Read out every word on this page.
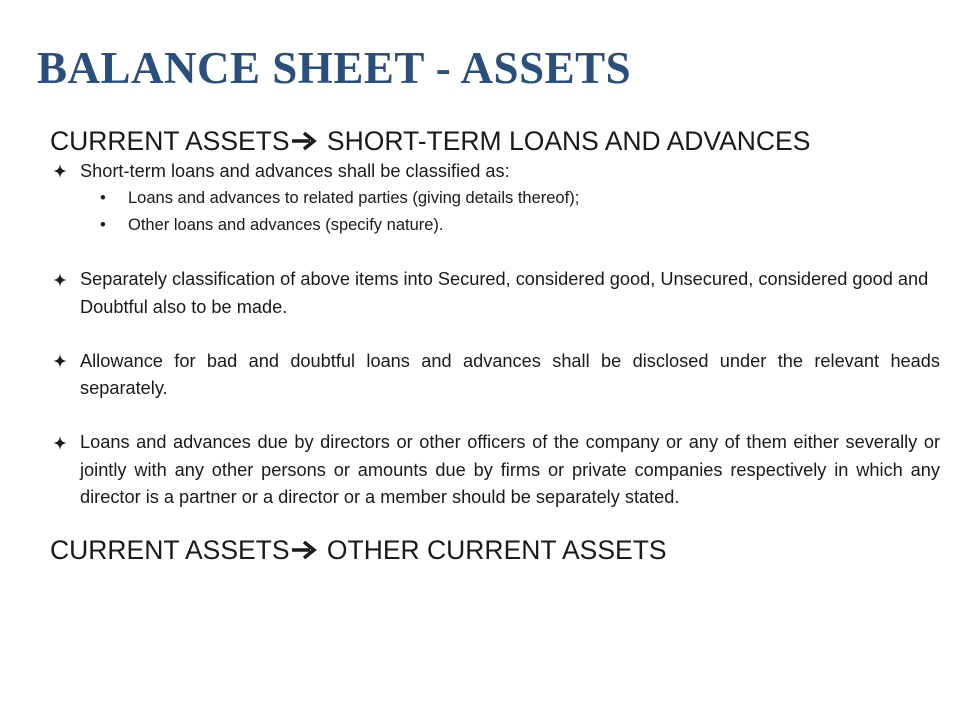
BALANCE SHEET - ASSETS

CURRENT ASSETS
SHORT-TERM LOANS AND ADVANCES

Short-term loans and advances shall be classified as:
•	Loans and advances to related parties (giving details thereof);
•	Other loans and advances (specify nature).
Separately classification of above items into Secured, considered good, Unsecured, considered good and Doubtful also to be made.
Allowance for bad and doubtful loans and advances shall be disclosed under the relevant heads separately.
Loans and advances due by directors or other officers of the company or any of them either severally or jointly with any other persons or amounts due by firms or private companies respectively in which any director is a partner or a director or a member should be separately stated.

CURRENT ASSETS
OTHER CURRENT ASSETS
